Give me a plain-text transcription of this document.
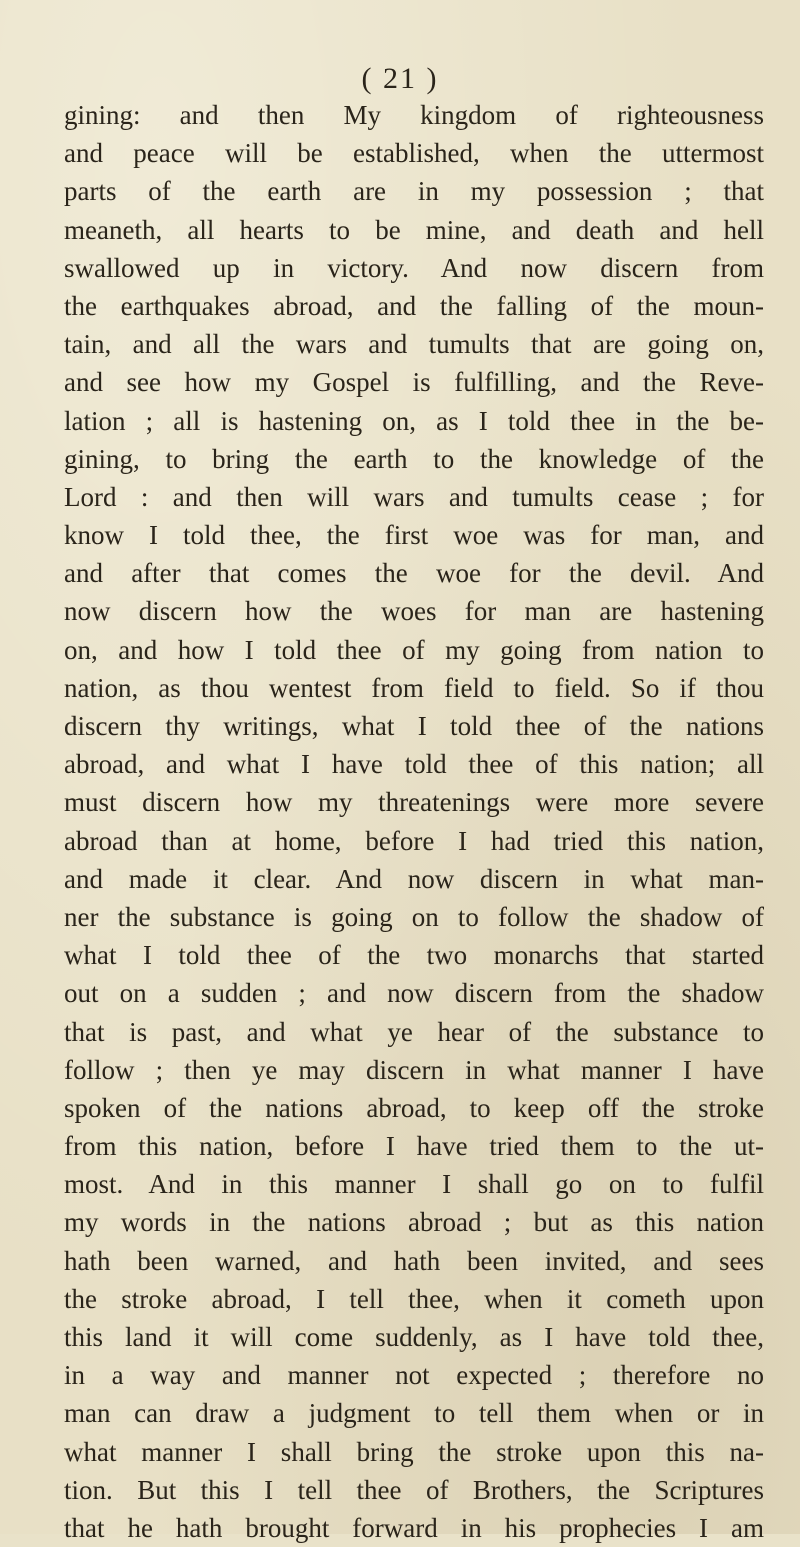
( 21 )
gining: and then My kingdom of righteousness
and peace will be established, when the uttermost
parts of the earth are in my possession ; that
meaneth, all hearts to be mine, and death and hell
swallowed up in victory. And now discern from
the earthquakes abroad, and the falling of the moun-
tain, and all the wars and tumults that are going on,
and see how my Gospel is fulfilling, and the Reve-
lation ; all is hastening on, as I told thee in the be-
gining, to bring the earth to the knowledge of the
Lord : and then will wars and tumults cease ; for
know I told thee, the first woe was for man, and
and after that comes the woe for the devil. And
now discern how the woes for man are hastening
on, and how I told thee of my going from nation to
nation, as thou wentest from field to field. So if thou
discern thy writings, what I told thee of the nations
abroad, and what I have told thee of this nation; all
must discern how my threatenings were more severe
abroad than at home, before I had tried this nation,
and made it clear. And now discern in what man-
ner the substance is going on to follow the shadow of
what I told thee of the two monarchs that started
out on a sudden ; and now discern from the shadow
that is past, and what ye hear of the substance to
follow ; then ye may discern in what manner I have
spoken of the nations abroad, to keep off the stroke
from this nation, before I have tried them to the ut-
most. And in this manner I shall go on to fulfil
my words in the nations abroad ; but as this nation
hath been warned, and hath been invited, and sees
the stroke abroad, I tell thee, when it cometh upon
this land it will come suddenly, as I have told thee,
in a way and manner not expected ; therefore no
man can draw a judgment to tell them when or in
what manner I shall bring the stroke upon this na-
tion. But this I tell thee of Brothers, the Scriptures
that he hath brought forward in his prophecies I am
